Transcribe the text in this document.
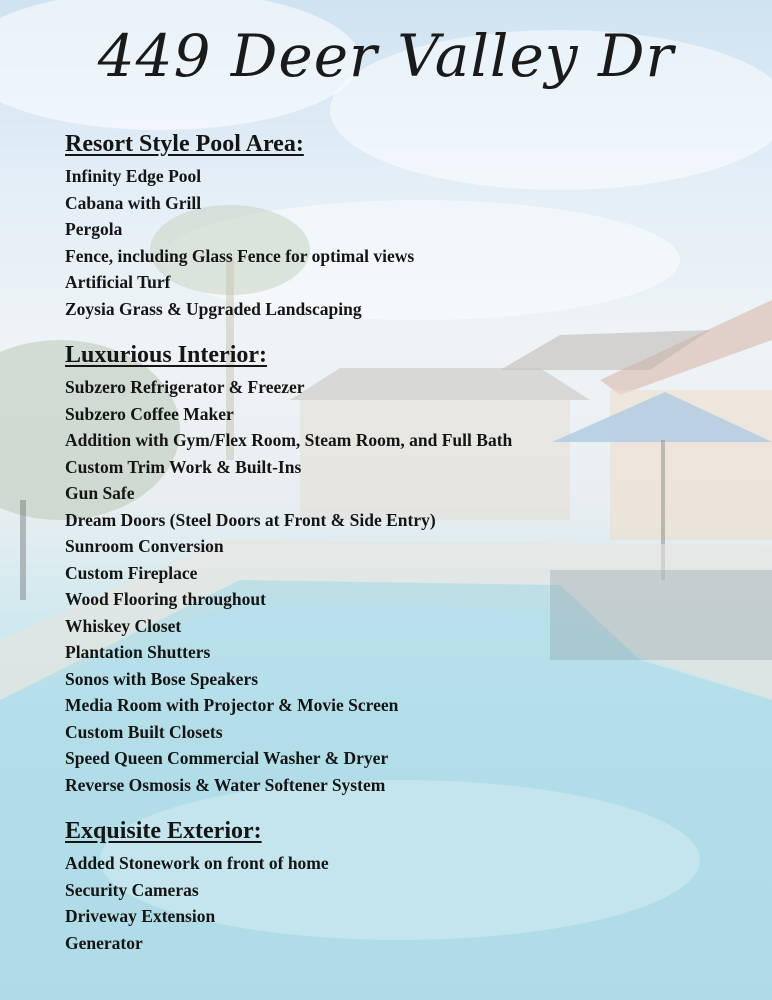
449 Deer Valley Dr
Resort Style Pool Area:
Infinity Edge Pool
Cabana with Grill
Pergola
Fence, including Glass Fence for optimal views
Artificial Turf
Zoysia Grass & Upgraded Landscaping
Luxurious Interior:
Subzero Refrigerator & Freezer
Subzero Coffee Maker
Addition with Gym/Flex Room, Steam Room, and Full Bath
Custom Trim Work & Built-Ins
Gun Safe
Dream Doors (Steel Doors at Front & Side Entry)
Sunroom Conversion
Custom Fireplace
Wood Flooring throughout
Whiskey Closet
Plantation Shutters
Sonos with Bose Speakers
Media Room with Projector & Movie Screen
Custom Built Closets
Speed Queen Commercial Washer & Dryer
Reverse Osmosis & Water Softener System
Exquisite Exterior:
Added Stonework on front of home
Security Cameras
Driveway Extension
Generator
